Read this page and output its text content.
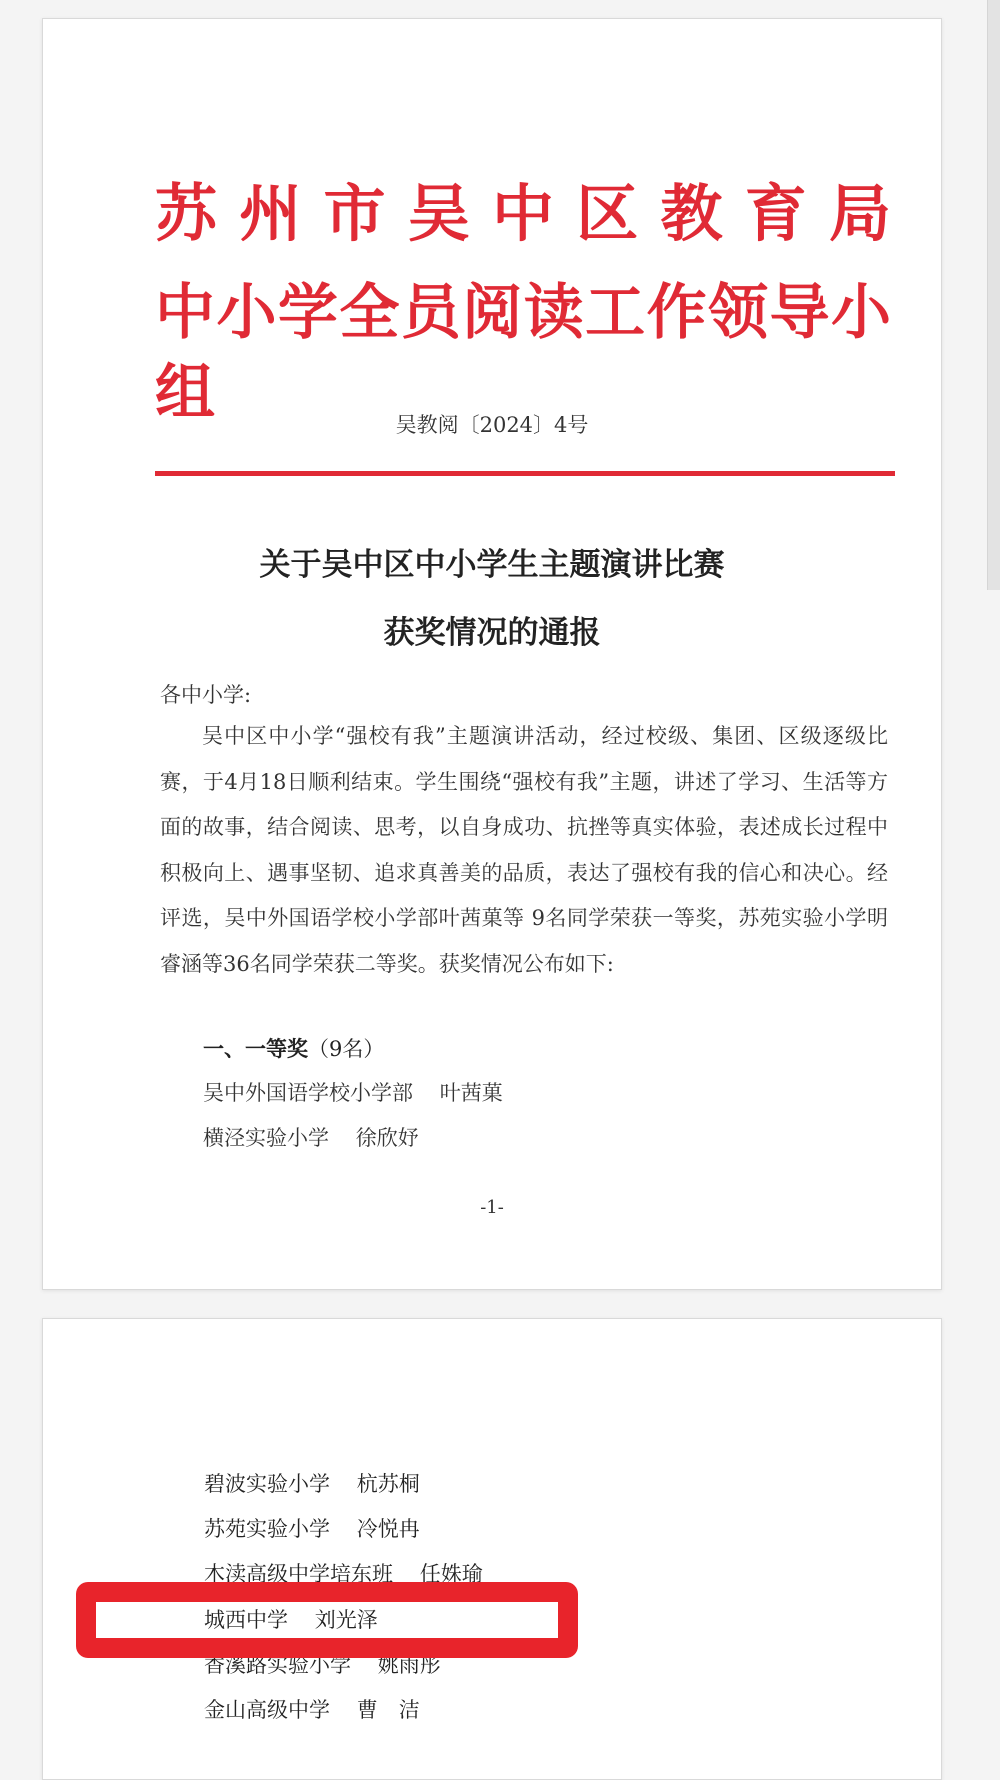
苏州市吴中区教育局
中小学全员阅读工作领导小组	吴教阅〔2024〕4号
关于吴中区中小学生主题演讲比赛
获奖情况的通报
各中小学:
吴中区中小学“强校有我”主题演讲活动，经过校级、集团、区级逐级比赛，于4月18日顺利结束。学生围绕“强校有我”主题，讲述了学习、生活等方面的故事，结合阅读、思考，以自身成功、抗挫等真实体验，表述成长过程中积极向上、遇事坚韧、追求真善美的品质，表达了强校有我的信心和决心。经评选，吴中外国语学校小学部叶茜菓等 9名同学荣获一等奖，苏苑实验小学明睿涵等36名同学荣获二等奖。获奖情况公布如下:
一、一等奖（9名）
吴中外国语学校小学部 叶茜菓
横泾实验小学 徐欣妤
-1-
碧波实验小学 杭苏桐
苏苑实验小学 冷悦冉
木渎高级中学培东班 任姝瑜
香溪路实验小学 姚雨彤
金山高级中学 曹　洁
城西中学 刘光泽
